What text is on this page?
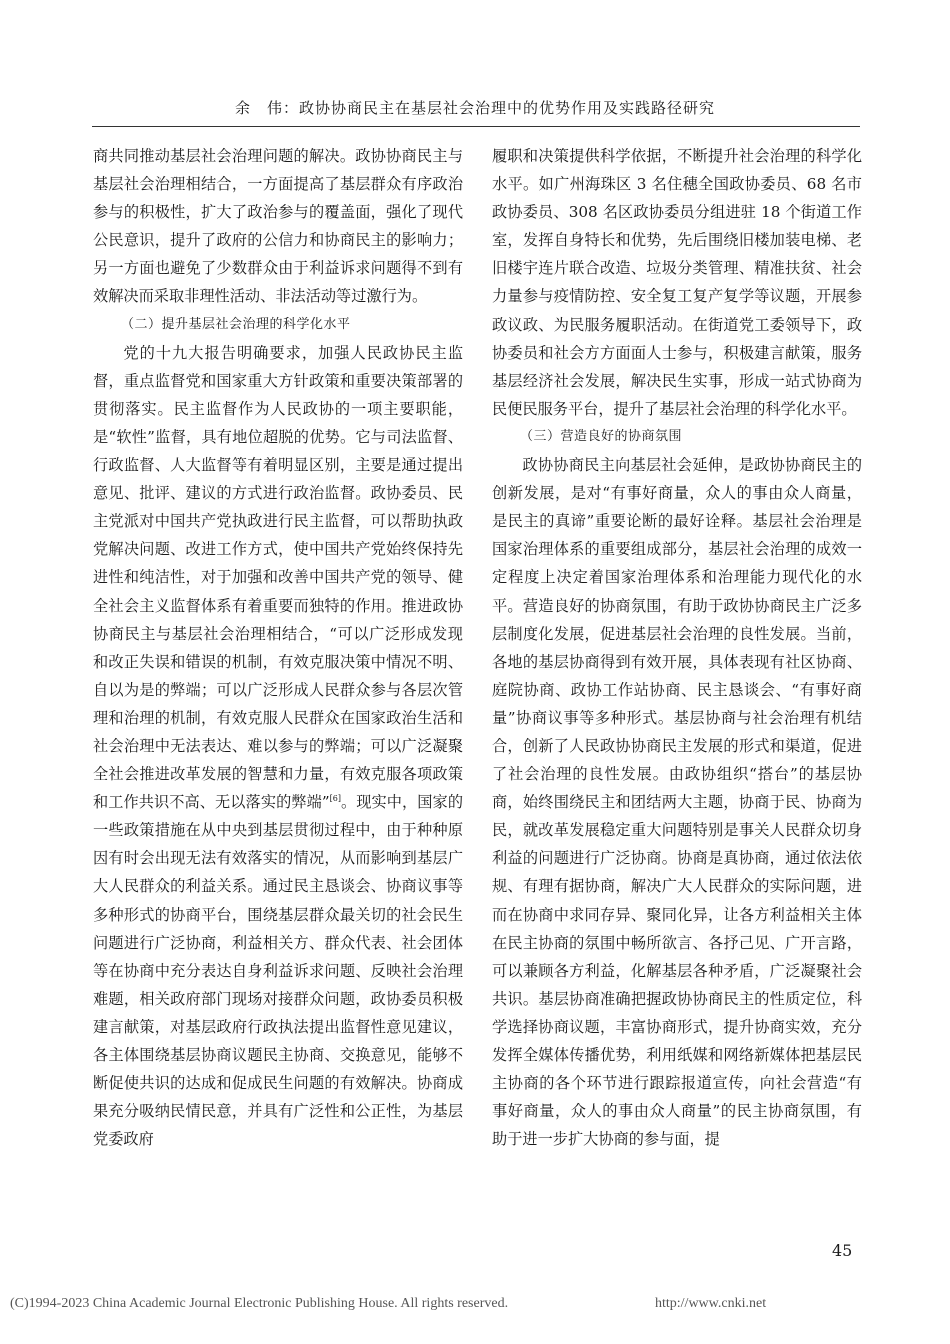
余　伟：政协协商民主在基层社会治理中的优势作用及实践路径研究

商共同推动基层社会治理问题的解决。政协协商民主与基层社会治理相结合，一方面提高了基层群众有序政治参与的积极性，扩大了政治参与的覆盖面，强化了现代公民意识，提升了政府的公信力和协商民主的影响力；另一方面也避免了少数群众由于利益诉求问题得不到有效解决而采取非理性活动、非法活动等过激行为。

（二）提升基层社会治理的科学化水平

党的十九大报告明确要求，加强人民政协民主监督，重点监督党和国家重大方针政策和重要决策部署的贯彻落实。民主监督作为人民政协的一项主要职能，是“软性”监督，具有地位超脱的优势。它与司法监督、行政监督、人大监督等有着明显区别，主要是通过提出意见、批评、建议的方式进行政治监督。政协委员、民主党派对中国共产党执政进行民主监督，可以帮助执政党解决问题、改进工作方式，使中国共产党始终保持先进性和纯洁性，对于加强和改善中国共产党的领导、健全社会主义监督体系有着重要而独特的作用。推进政协协商民主与基层社会治理相结合，“可以广泛形成发现和改正失误和错误的机制，有效克服决策中情况不明、自以为是的弊端；可以广泛形成人民群众参与各层次管理和治理的机制，有效克服人民群众在国家政治生活和社会治理中无法表达、难以参与的弊端；可以广泛凝聚全社会推进改革发展的智慧和力量，有效克服各项政策和工作共识不高、无以落实的弊端”[6]。现实中，国家的一些政策措施在从中央到基层贯彻过程中，由于种种原因有时会出现无法有效落实的情况，从而影响到基层广大人民群众的利益关系。通过民主恳谈会、协商议事等多种形式的协商平台，围绕基层群众最关切的社会民生问题进行广泛协商，利益相关方、群众代表、社会团体等在协商中充分表达自身利益诉求问题、反映社会治理难题，相关政府部门现场对接群众问题，政协委员积极建言献策，对基层政府行政执法提出监督性意见建议，各主体围绕基层协商议题民主协商、交换意见，能够不断促使共识的达成和促成民生问题的有效解决。协商成果充分吸纳民情民意，并具有广泛性和公正性，为基层党委政府

履职和决策提供科学依据，不断提升社会治理的科学化水平。如广州海珠区 3 名住穗全国政协委员、68 名市政协委员、308 名区政协委员分组进驻 18 个街道工作室，发挥自身特长和优势，先后围绕旧楼加装电梯、老旧楼宇连片联合改造、垃圾分类管理、精准扶贫、社会力量参与疫情防控、安全复工复产复学等议题，开展参政议政、为民服务履职活动。在街道党工委领导下，政协委员和社会方方面面人士参与，积极建言献策，服务基层经济社会发展，解决民生实事，形成一站式协商为民便民服务平台，提升了基层社会治理的科学化水平。

（三）营造良好的协商氛围

政协协商民主向基层社会延伸，是政协协商民主的创新发展，是对“有事好商量，众人的事由众人商量，是民主的真谛”重要论断的最好诠释。基层社会治理是国家治理体系的重要组成部分，基层社会治理的成效一定程度上决定着国家治理体系和治理能力现代化的水平。营造良好的协商氛围，有助于政协协商民主广泛多层制度化发展，促进基层社会治理的良性发展。当前，各地的基层协商得到有效开展，具体表现有社区协商、庭院协商、政协工作站协商、民主恳谈会、“有事好商量”协商议事等多种形式。基层协商与社会治理有机结合，创新了人民政协协商民主发展的形式和渠道，促进了社会治理的良性发展。由政协组织“搭台”的基层协商，始终围绕民主和团结两大主题，协商于民、协商为民，就改革发展稳定重大问题特别是事关人民群众切身利益的问题进行广泛协商。协商是真协商，通过依法依规、有理有据协商，解决广大人民群众的实际问题，进而在协商中求同存异、聚同化异，让各方利益相关主体在民主协商的氛围中畅所欲言、各抒己见、广开言路，可以兼顾各方利益，化解基层各种矛盾，广泛凝聚社会共识。基层协商准确把握政协协商民主的性质定位，科学选择协商议题，丰富协商形式，提升协商实效，充分发挥全媒体传播优势，利用纸媒和网络新媒体把基层民主协商的各个环节进行跟踪报道宣传，向社会营造“有事好商量，众人的事由众人商量”的民主协商氛围，有助于进一步扩大协商的参与面，提

45
(C)1994-2023 China Academic Journal Electronic Publishing House. All rights reserved.	http://www.cnki.net
